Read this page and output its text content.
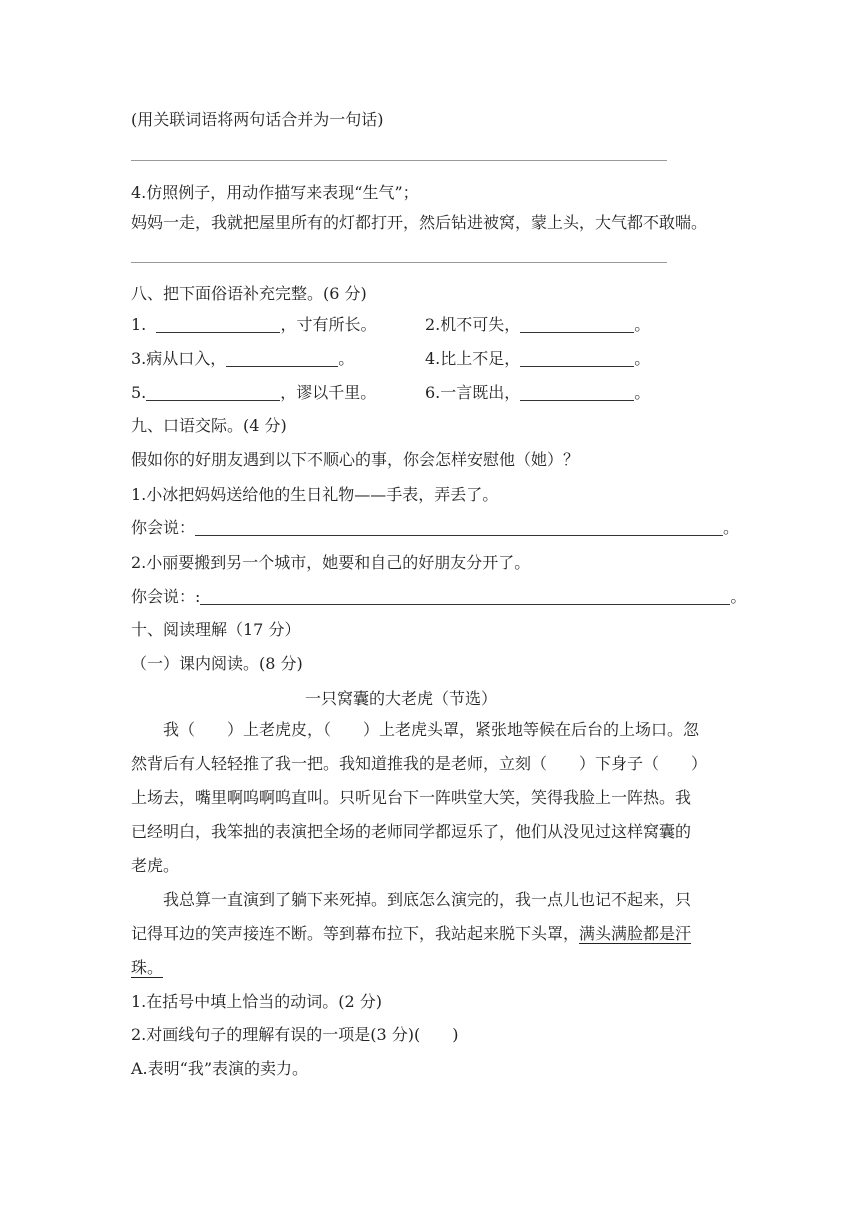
(用关联词语将两句话合并为一句话)
4.仿照例子，用动作描写来表现“生气”；
妈妈一走，我就把屋里所有的灯都打开，然后钻进被窝，蒙上头，大气都不敢喘。
八、把下面俗语补充完整。(6 分)
1.	，寸有所长。	2.机不可失，	。
3.病从口入，	。	4.比上不足，	。
5.	，谬以千里。	6.一言既出，	。
九、口语交际。(4 分)
假如你的好朋友遇到以下不顺心的事，你会怎样安慰他（她）？
1.小冰把妈妈送给他的生日礼物——手表，弄丢了。
你会说：	。
2.小丽要搬到另一个城市，她要和自己的好朋友分开了。
你会说：:	。
十、阅读理解（17 分）
（一）课内阅读。(8 分)
一只窝囊的大老虎（节选）
我（　　）上老虎皮，（　　）上老虎头罩，紧张地等候在后台的上场口。忽
然背后有人轻轻推了我一把。我知道推我的是老师，立刻（　　）下身子（　　）
上场去，嘴里啊呜啊呜直叫。只听见台下一阵哄堂大笑，笑得我脸上一阵热。我
已经明白，我笨拙的表演把全场的老师同学都逗乐了，他们从没见过这样窝囊的
老虎。
我总算一直演到了躺下来死掉。到底怎么演完的，我一点儿也记不起来，只
记得耳边的笑声接连不断。等到幕布拉下，我站起来脱下头罩，满头满脸都是汗
珠。
1.在括号中填上恰当的动词。(2 分)
2.对画线句子的理解有误的一项是(3 分)(　　)
A.表明“我”表演的卖力。
